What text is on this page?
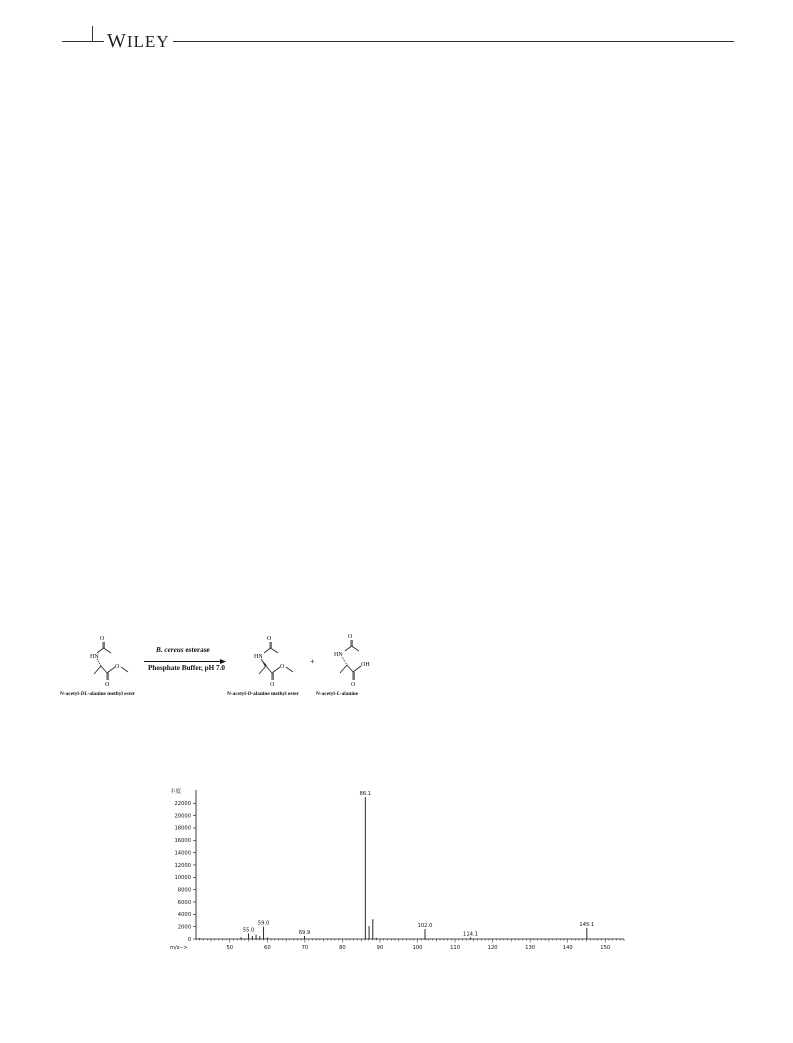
WILEY
O
HN
O
O
O
HN
O
O
+
O
HN
O
OH
B. cereus esterase
Phosphate Buffer, pH 7.0
N-acetyl-DL-alanine methyl ester	N-acetyl-D-alanine methyl ester	N-acetyl-L-alanine
0
2000
4000
6000
8000
10000
12000
14000
16000
18000
20000
22000
50	60	70	80	90	100	110	120	130	140	150
55.0
59.0
69.9
86.1
102.0
114.1
145.1
丰度
m/z-->
